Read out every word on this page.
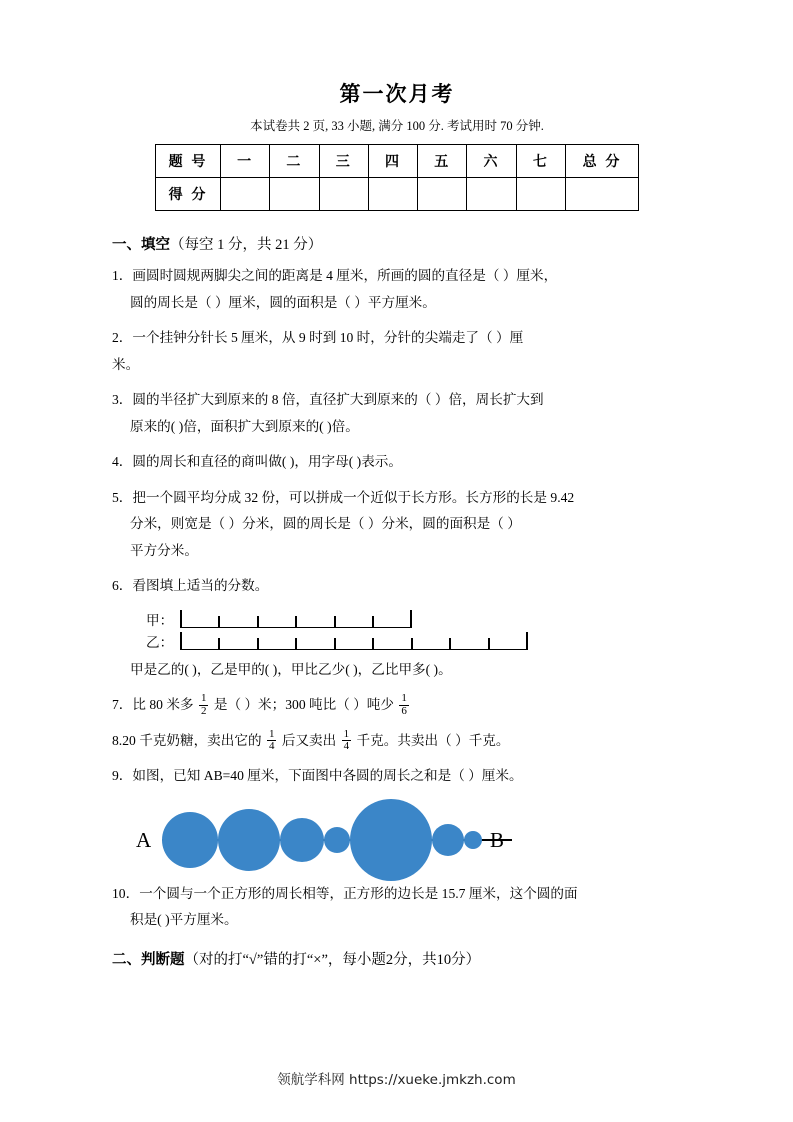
第一次月考

本试卷共 2 页, 33 小题, 满分 100 分. 考试用时 70 分钟.

题 号	一	二	三	四	五	六	七	总 分
得 分								
一、填空（每空 1 分，共 21 分）
1．画圆时圆规两脚尖之间的距离是 4 厘米，所画的圆的直径是（ ）厘米，
圆的周长是（ ）厘米，圆的面积是（ ）平方厘米。
2．一个挂钟分针长 5 厘米，从 9 时到 10 时，分针的尖端走了（ ）厘
米。
3．圆的半径扩大到原来的 8 倍，直径扩大到原来的（ ）倍，周长扩大到
原来的( )倍，面积扩大到原来的( )倍。
4．圆的周长和直径的商叫做( )，用字母( )表示。
5．把一个圆平均分成 32 份，可以拼成一个近似于长方形。长方形的长是 9.42
分米，则宽是（ ）分米，圆的周长是（ ）分米，圆的面积是（ ）
平方分米。
6．看图填上适当的分数。
甲：
乙：
甲是乙的( )，乙是甲的( )，甲比乙少( )，乙比甲多( )。
7．比 80 米多 $\frac{1}{2}$ 是（ ）米；300 吨比（ ）吨少 $\frac{1}{6}$
8.20 千克奶糖，卖出它的 $\frac{1}{4}$ 后又卖出 $\frac{1}{4}$ 千克。共卖出（ ）千克。
9．如图，已知 AB=40 厘米，下面图中各圆的周长之和是（ ）厘米。
A	B
10．一个圆与一个正方形的周长相等，正方形的边长是 15.7 厘米，这个圆的面
积是( )平方厘米。
二、判断题（对的打“√”错的打“×”，每小题2分，共10分）
领航学科网 https://xueke.jmkzh.com
